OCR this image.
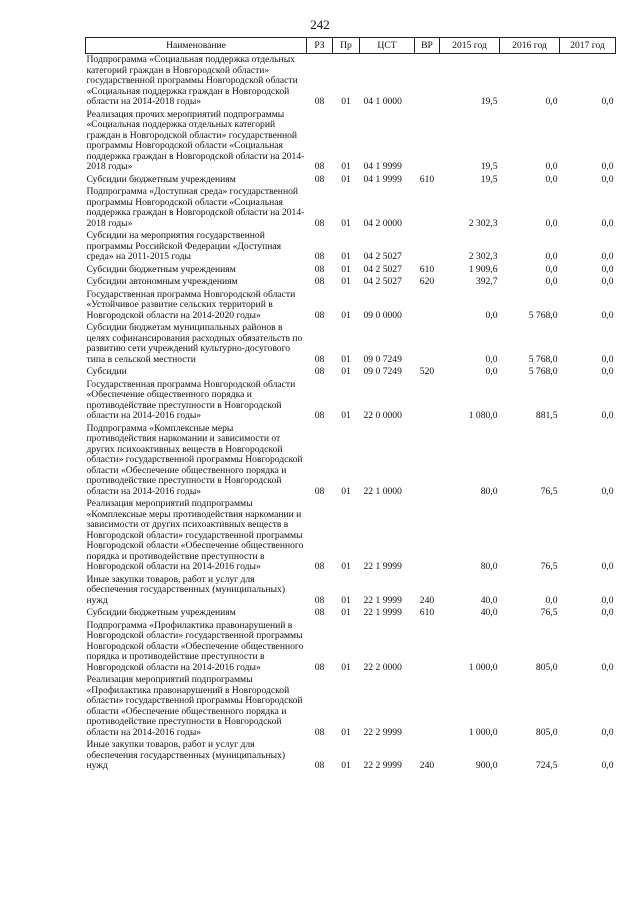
242
Наименование	РЗ	Пр	ЦСТ	ВР	2015 год	2016 год	2017 год
Подпрограмма «Социальная поддержка отдельных категорий граждан в Новгородской области» государственной программы Новгородской области «Социальная поддержка граждан в Новгородской области на 2014-2018 годы»	08	01	04 1 0000		19,5	0,0	0,0
Реализация прочих мероприятий подпрограммы «Социальная поддержка отдельных категорий граждан в Новгородской области» государственной программы Новгородской области «Социальная поддержка граждан в Новгородской области на 2014-2018 годы»	08	01	04 1 9999		19,5	0,0	0,0
Субсидии бюджетным учреждениям	08	01	04 1 9999	610	19,5	0,0	0,0
Подпрограмма «Доступная среда» государственной программы Новгородской области «Социальная поддержка граждан в Новгородской области на 2014-2018 годы»	08	01	04 2 0000		2 302,3	0,0	0,0
Субсидии на мероприятия государственной программы Российской Федерации «Доступная среда» на 2011-2015 годы	08	01	04 2 5027		2 302,3	0,0	0,0
Субсидии бюджетным учреждениям	08	01	04 2 5027	610	1 909,6	0,0	0,0
Субсидии автономным учреждениям	08	01	04 2 5027	620	392,7	0,0	0,0
Государственная программа Новгородской области «Устойчивое развитие сельских территорий в Новгородской области на 2014-2020 годы»	08	01	09 0 0000		0,0	5 768,0	0,0
Субсидии бюджетам муниципальных районов в целях софинансирования расходных обязательств по развитию сети учреждений культурно-досугового типа в сельской местности	08	01	09 0 7249		0,0	5 768,0	0,0
Субсидии	08	01	09 0 7249	520	0,0	5 768,0	0,0
Государственная программа Новгородской области «Обеспечение общественного порядка и противодействие преступности в Новгородской области на 2014-2016 годы»	08	01	22 0 0000		1 080,0	881,5	0,0
Подпрограмма «Комплексные меры противодействия наркомании и зависимости от других психоактивных веществ в Новгородской области» государственной программы Новгородской области «Обеспечение общественного порядка и противодействие преступности в Новгородской области на 2014-2016 годы»	08	01	22 1 0000		80,0	76,5	0,0
Реализация мероприятий подпрограммы «Комплексные меры противодействия наркомании и зависимости от других психоактивных веществ в Новгородской области» государственной программы Новгородской области «Обеспечение общественного порядка и противодействие преступности в Новгородской области на 2014-2016 годы»	08	01	22 1 9999		80,0	76,5	0,0
Иные закупки товаров, работ и услуг для обеспечения государственных (муниципальных) нужд	08	01	22 1 9999	240	40,0	0,0	0,0
Субсидии бюджетным учреждениям	08	01	22 1 9999	610	40,0	76,5	0,0
Подпрограмма «Профилактика правонарушений в Новгородской области» государственной программы Новгородской области «Обеспечение общественного порядка и противодействие преступности в Новгородской области на 2014-2016 годы»	08	01	22 2 0000		1 000,0	805,0	0,0
Реализация мероприятий подпрограммы «Профилактика правонарушений в Новгородской области» государственной программы Новгородской области «Обеспечение общественного порядка и противодействие преступности в Новгородской области на 2014-2016 годы»	08	01	22 2 9999		1 000,0	805,0	0,0
Иные закупки товаров, работ и услуг для обеспечения государственных (муниципальных) нужд	08	01	22 2 9999	240	900,0	724,5	0,0
